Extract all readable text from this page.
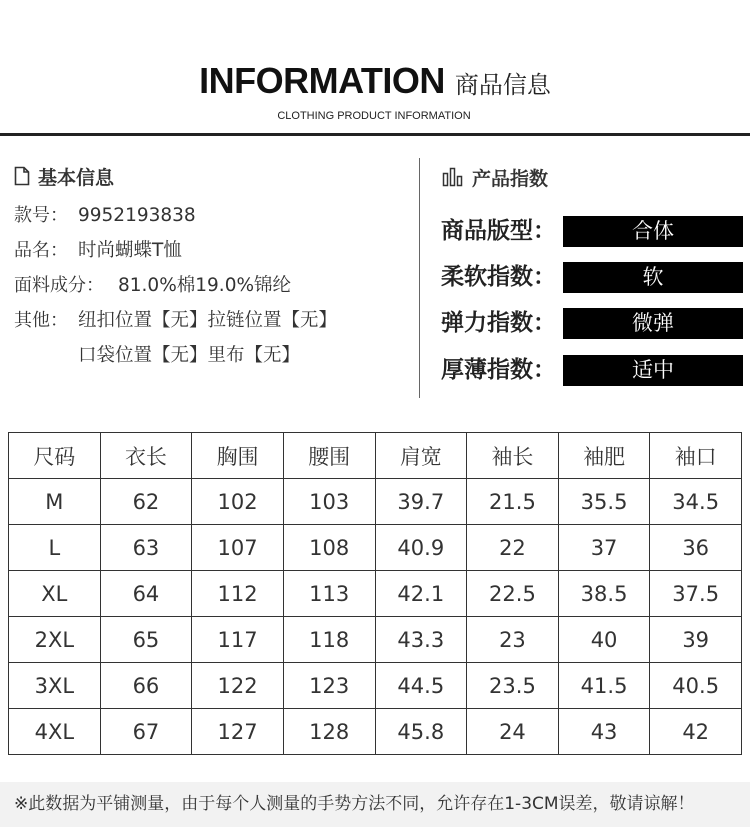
INFORMATION 商品信息
CLOTHING PRODUCT INFORMATION
基本信息
款号： 9952193838
品名： 时尚蝴蝶T恤
面料成分： 81.0%棉19.0%锦纶
其他： 纽扣位置【无】拉链位置【无】
口袋位置【无】里布【无】
产品指数
商品版型：	合体
柔软指数：	软
弹力指数：	微弹
厚薄指数：	适中
尺码	衣长	胸围	腰围	肩宽	袖长	袖肥	袖口
M	62	102	103	39.7	21.5	35.5	34.5
L	63	107	108	40.9	22	37	36
XL	64	112	113	42.1	22.5	38.5	37.5
2XL	65	117	118	43.3	23	40	39
3XL	66	122	123	44.5	23.5	41.5	40.5
4XL	67	127	128	45.8	24	43	42
※此数据为平铺测量，由于每个人测量的手势方法不同，允许存在1-3CM误差，敬请谅解！
